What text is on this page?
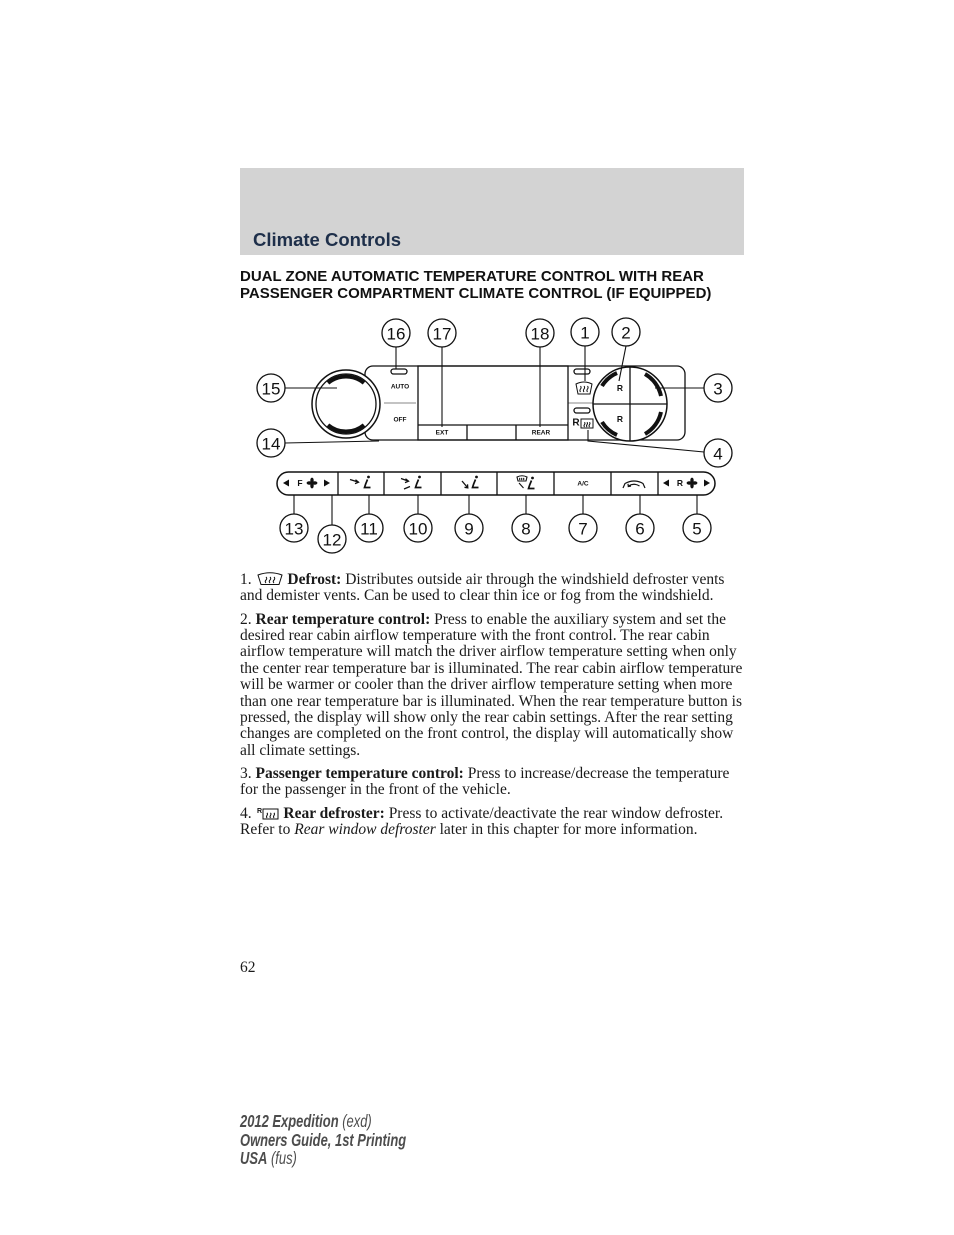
Climate Controls
DUAL ZONE AUTOMATIC TEMPERATURE CONTROL WITH REAR PASSENGER COMPARTMENT CLIMATE CONTROL (IF EQUIPPED)
AUTO
OFF
EXT	REAR
A/C
F	R
R
R
R
16 17	18 1 2
15	3
14
4
13
12
11 10 9	8	7	6	5

1. Defrost: Distributes outside air through the windshield defroster vents and demister vents. Can be used to clear thin ice or fog from the windshield.

2. Rear temperature control: Press to enable the auxiliary system and set the desired rear cabin airflow temperature with the front control. The rear cabin airflow temperature will match the driver airflow temperature setting when only the center rear temperature bar is illuminated. The rear cabin airflow temperature will be warmer or cooler than the driver airflow temperature setting when more than one rear temperature bar is illuminated. When the rear temperature button is pressed, the display will show only the rear cabin settings. After the rear setting changes are completed on the front control, the display will automatically show all climate settings.

3. Passenger temperature control: Press to increase/decrease the temperature for the passenger in the front of the vehicle.

4. R Rear defroster: Press to activate/deactivate the rear window defroster. Refer to Rear window defroster later in this chapter for more information.

62
2012 Expedition (exd)
Owners Guide, 1st Printing
USA (fus)
